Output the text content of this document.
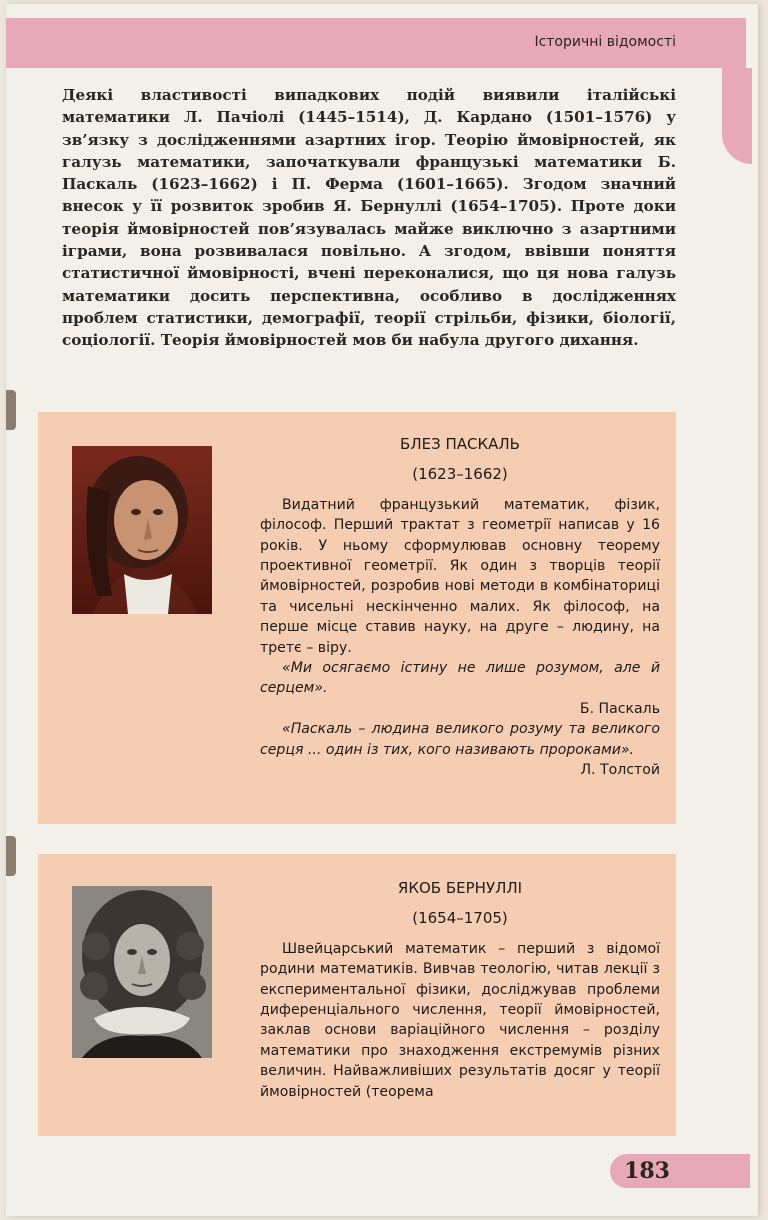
Історичні відомості

Деякі властивості випадкових подій виявили італійські математики Л. Пачіолі (1445–1514), Д. Кардано (1501–1576) у зв’язку з дослідженнями азартних ігор. Теорію ймовірностей, як галузь математики, започаткували французькі математики Б. Паскаль (1623–1662) і П. Ферма (1601–1665). Згодом значний внесок у її розвиток зробив Я. Бернуллі (1654–1705). Проте доки теорія ймовірностей пов’язувалась майже виключно з азартними іграми, вона розвивалася повільно. А згодом, ввівши поняття статистичної ймовірності, вчені переконалися, що ця нова галузь математики досить перспективна, особливо в дослідженнях проблем статистики, демографії, теорії стрільби, фізики, біології, соціології. Теорія ймовірностей мов би набула другого дихання.

БЛЕЗ ПАСКАЛЬ

(1623–1662)

Видатний французький математик, фізик, філософ. Перший трактат з геометрії написав у 16 років. У ньому сформулював основну теорему проективної геометрії. Як один з творців теорії ймовірностей, розробив нові методи в комбінаториці та чисельні нескінченно малих. Як філософ, на перше місце ставив науку, на друге – людину, на третє – віру.

«Ми осягаємо істину не лише розумом, але й серцем».

Б. Паскаль

«Паскаль – людина великого розуму та великого серця ... один із тих, кого називають пророками».

Л. Толстой

ЯКОБ БЕРНУЛЛІ

(1654–1705)

Швейцарський математик – перший з відомої родини математиків. Вивчав теологію, читав лекції з експериментальної фізики, досліджував проблеми диференціального числення, теорії ймовірностей, заклав основи варіаційного числення – розділу математики про знаходження екстремумів різних величин. Найважливіших результатів досяг у теорії ймовірностей (теорема

183
